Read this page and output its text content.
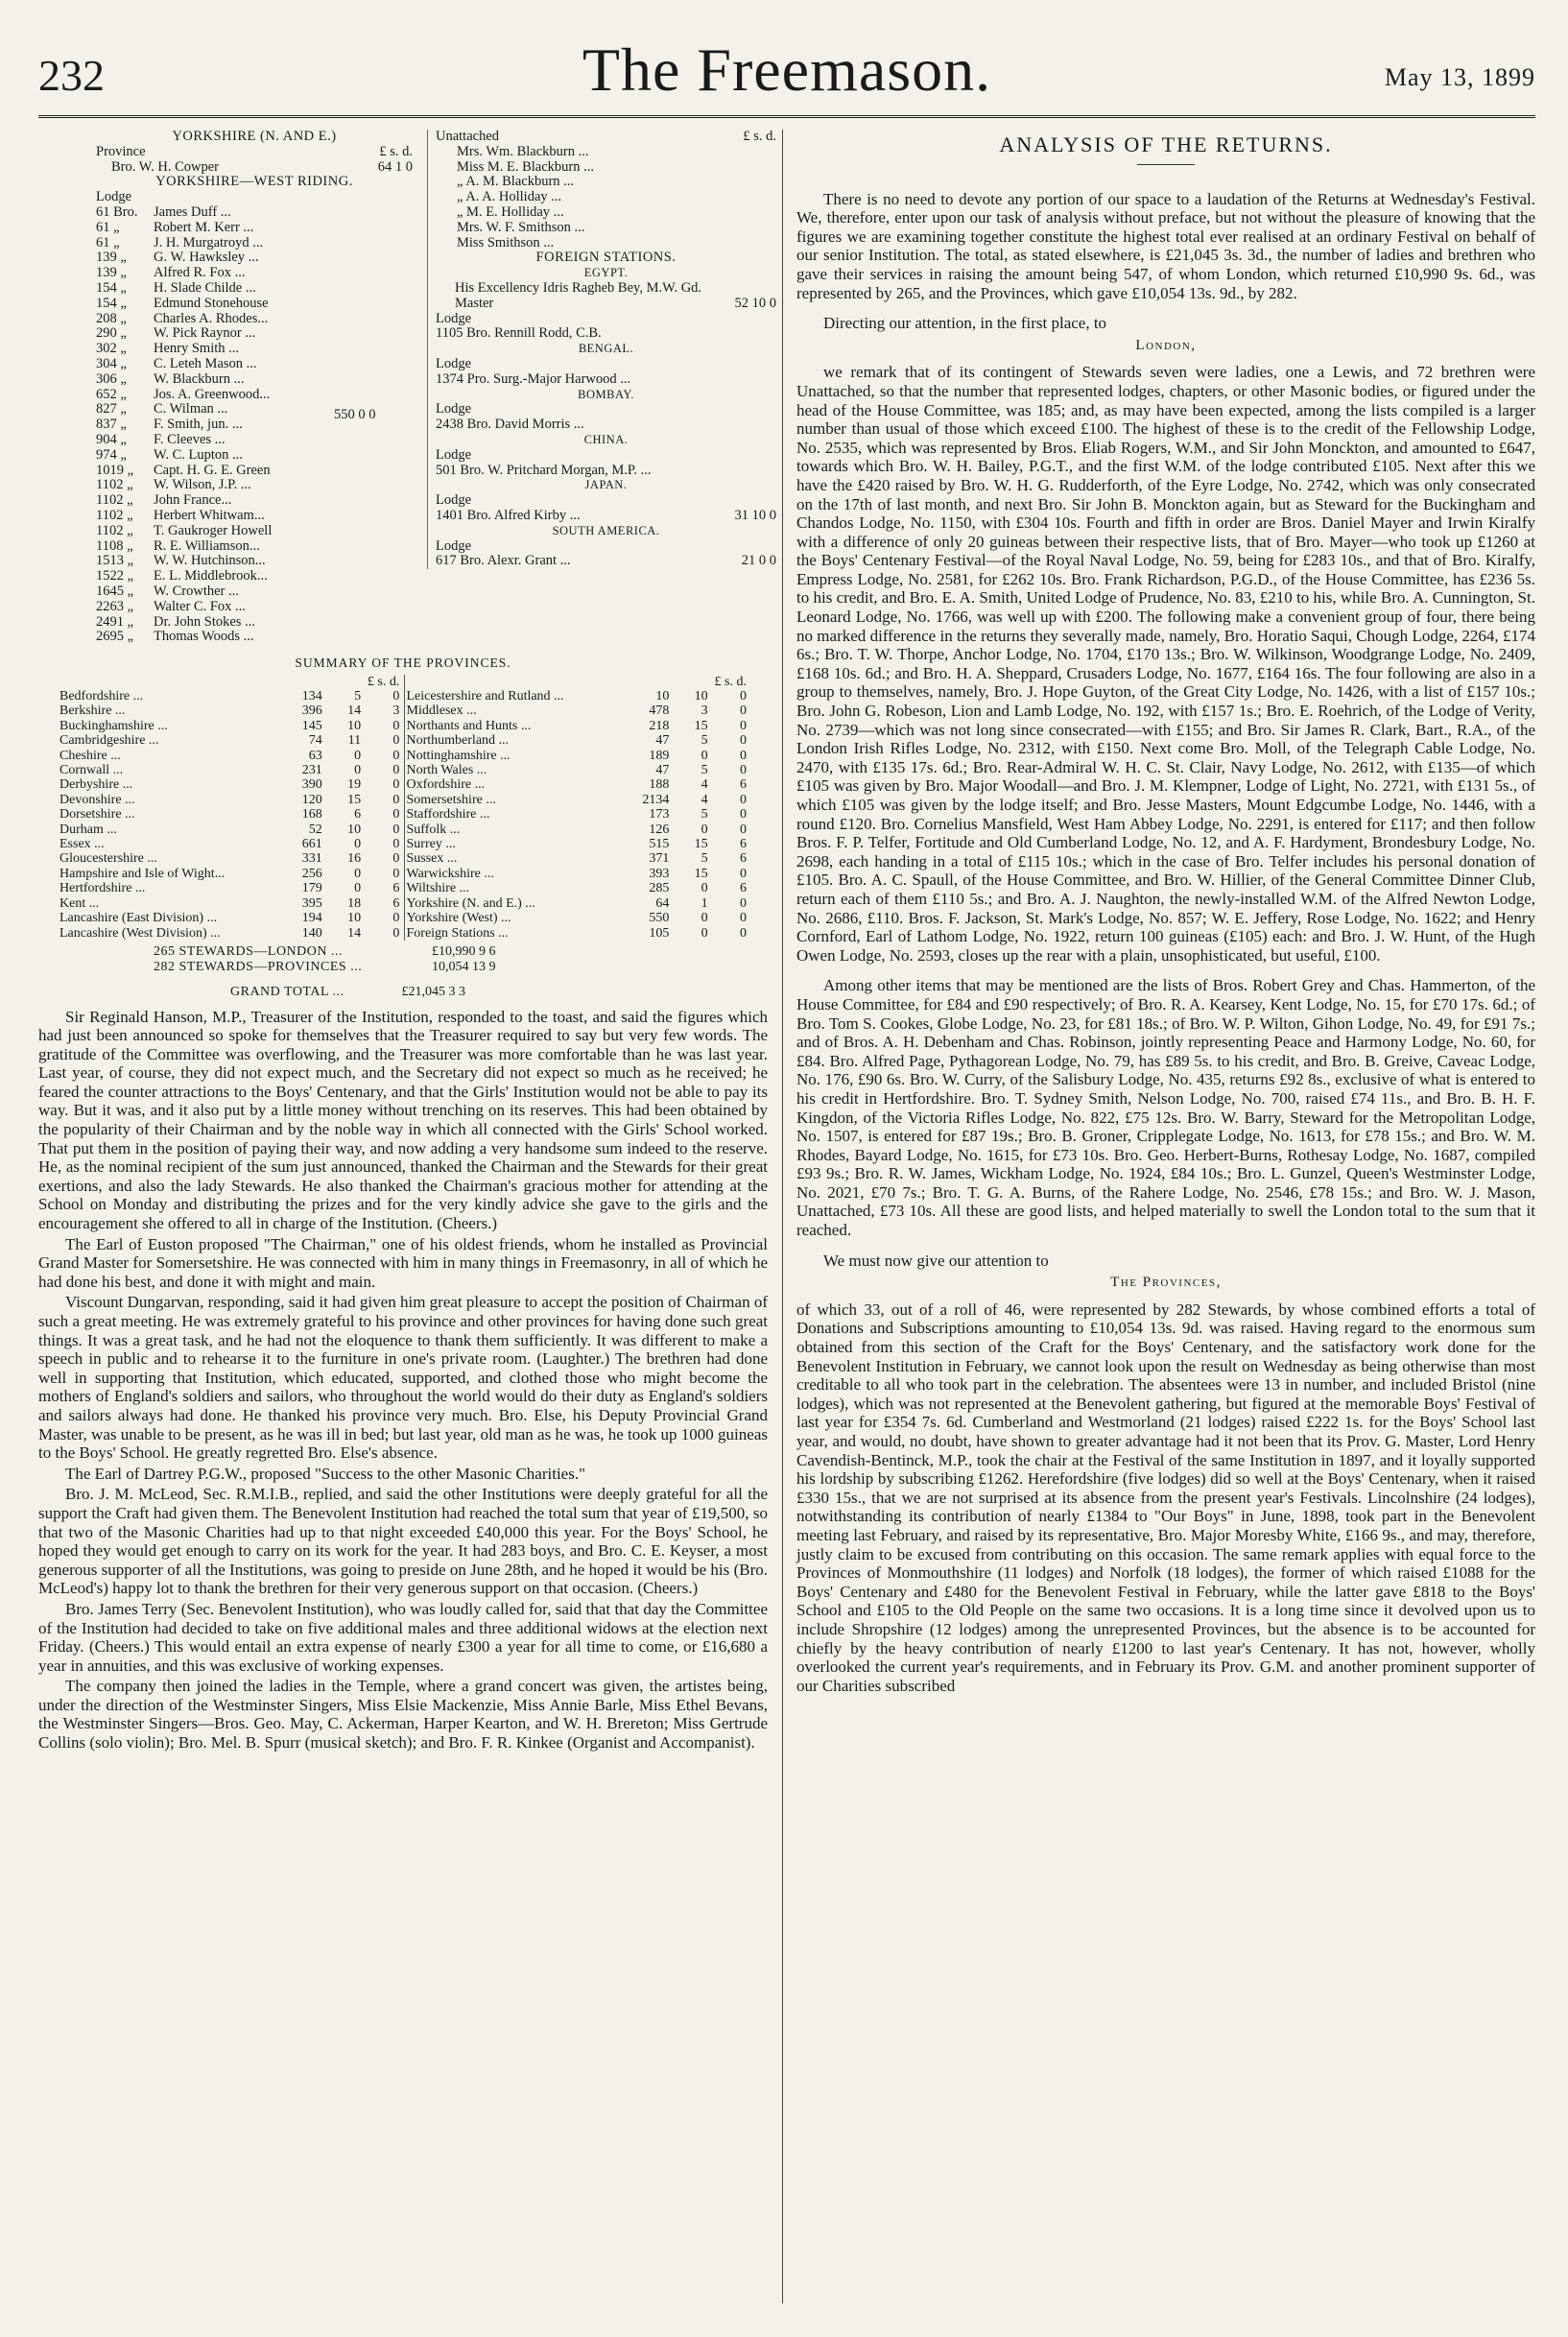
232	The Freemason.	May 13, 1899
YORKSHIRE (N. AND E.)
Province	£ s. d.
Bro. W. H. Cowper	64 1 0
YORKSHIRE—WEST RIDING.
Lodge
61 Bro.	James Duff ...
61 „	Robert M. Kerr ...
61 „	J. H. Murgatroyd ...
139 „	G. W. Hawksley ...
139 „	Alfred R. Fox ...
154 „	H. Slade Childe ...
154 „	Edmund Stonehouse
208 „	Charles A. Rhodes...
290 „	W. Pick Raynor ...
302 „	Henry Smith ...
304 „	C. Leteh Mason ...
306 „	W. Blackburn ...
652 „	Jos. A. Greenwood...
827 „	C. Wilman ...
837 „	F. Smith, jun. ...
904 „	F. Cleeves ...
974 „	W. C. Lupton ...
1019 „	Capt. H. G. E. Green
1102 „	W. Wilson, J.P. ...
1102 „	John France...
1102 „	Herbert Whitwam...
1102 „	T. Gaukroger Howell
1108 „	R. E. Williamson...
1513 „	W. W. Hutchinson...
1522 „	E. L. Middlebrook...
1645 „	W. Crowther ...
2263 „	Walter C. Fox ...
2491 „	Dr. John Stokes ...
2695 „	Thomas Woods ...
550 0 0
Unattached	£ s. d.
Mrs. Wm. Blackburn ...
Miss M. E. Blackburn ...
„ A. M. Blackburn ...
„ A. A. Holliday ...
„ M. E. Holliday ...
Mrs. W. F. Smithson ...
Miss Smithson ...
FOREIGN STATIONS.
EGYPT.
His Excellency Idris Ragheb Bey, M.W. Gd. Master	52 10 0
Lodge
1105 Bro. Rennill Rodd, C.B.
BENGAL.
Lodge
1374 Pro. Surg.-Major Harwood ...
BOMBAY.
Lodge
2438 Bro. David Morris ...
CHINA.
Lodge
501 Bro. W. Pritchard Morgan, M.P. ...
JAPAN.
Lodge
1401 Bro. Alfred Kirby ...	31 10 0
SOUTH AMERICA.
Lodge
617 Bro. Alexr. Grant ...	21 0 0
SUMMARY OF THE PROVINCES.
	£ s. d.					£ s. d.		
Bedfordshire ...	134	5	0		Leicestershire and Rutland ...	10	10	0
Berkshire ...	396	14	3		Middlesex ...	478	3	0
Buckinghamshire ...	145	10	0		Northants and Hunts ...	218	15	0
Cambridgeshire ...	74	11	0		Northumberland ...	47	5	0
Cheshire ...	63	0	0		Nottinghamshire ...	189	0	0
Cornwall ...	231	0	0		North Wales ...	47	5	0
Derbyshire ...	390	19	0		Oxfordshire ...	188	4	6
Devonshire ...	120	15	0		Somersetshire ...	2134	4	0
Dorsetshire ...	168	6	0		Staffordshire ...	173	5	0
Durham ...	52	10	0		Suffolk ...	126	0	0
Essex ...	661	0	0		Surrey ...	515	15	6
Gloucestershire ...	331	16	0		Sussex ...	371	5	6
Hampshire and Isle of Wight...	256	0	0		Warwickshire ...	393	15	0
Hertfordshire ...	179	0	6		Wiltshire ...	285	0	6
Kent ...	395	18	6		Yorkshire (N. and E.) ...	64	1	0
Lancashire (East Division) ...	194	10	0		Yorkshire (West) ...	550	0	0
Lancashire (West Division) ...	140	14	0		Foreign Stations ...	105	0	0
265 STEWARDS—LONDON ...	£10,990 9 6
282 STEWARDS—PROVINCES ...	10,054 13 9
GRAND TOTAL ...	£21,045 3 3

Sir Reginald Hanson, M.P., Treasurer of the Institution, responded to the toast, and said the figures which had just been announced so spoke for themselves that the Treasurer required to say but very few words. The gratitude of the Committee was overflowing, and the Treasurer was more comfortable than he was last year. Last year, of course, they did not expect much, and the Secretary did not expect so much as he received; he feared the counter attractions to the Boys' Centenary, and that the Girls' Institution would not be able to pay its way. But it was, and it also put by a little money without trenching on its reserves. This had been obtained by the popularity of their Chairman and by the noble way in which all connected with the Girls' School worked. That put them in the position of paying their way, and now adding a very handsome sum indeed to the reserve. He, as the nominal recipient of the sum just announced, thanked the Chairman and the Stewards for their great exertions, and also the lady Stewards. He also thanked the Chairman's gracious mother for attending at the School on Monday and distributing the prizes and for the very kindly advice she gave to the girls and the encouragement she offered to all in charge of the Institution. (Cheers.)

The Earl of Euston proposed "The Chairman," one of his oldest friends, whom he installed as Provincial Grand Master for Somersetshire. He was connected with him in many things in Freemasonry, in all of which he had done his best, and done it with might and main.

Viscount Dungarvan, responding, said it had given him great pleasure to accept the position of Chairman of such a great meeting. He was extremely grateful to his province and other provinces for having done such great things. It was a great task, and he had not the eloquence to thank them sufficiently. It was different to make a speech in public and to rehearse it to the furniture in one's private room. (Laughter.) The brethren had done well in supporting that Institution, which educated, supported, and clothed those who might become the mothers of England's soldiers and sailors, who throughout the world would do their duty as England's soldiers and sailors always had done. He thanked his province very much. Bro. Else, his Deputy Provincial Grand Master, was unable to be present, as he was ill in bed; but last year, old man as he was, he took up 1000 guineas to the Boys' School. He greatly regretted Bro. Else's absence.

The Earl of Dartrey P.G.W., proposed "Success to the other Masonic Charities."

Bro. J. M. McLeod, Sec. R.M.I.B., replied, and said the other Institutions were deeply grateful for all the support the Craft had given them. The Benevolent Institution had reached the total sum that year of £19,500, so that two of the Masonic Charities had up to that night exceeded £40,000 this year. For the Boys' School, he hoped they would get enough to carry on its work for the year. It had 283 boys, and Bro. C. E. Keyser, a most generous supporter of all the Institutions, was going to preside on June 28th, and he hoped it would be his (Bro. McLeod's) happy lot to thank the brethren for their very generous support on that occasion. (Cheers.)

Bro. James Terry (Sec. Benevolent Institution), who was loudly called for, said that that day the Committee of the Institution had decided to take on five additional males and three additional widows at the election next Friday. (Cheers.) This would entail an extra expense of nearly £300 a year for all time to come, or £16,680 a year in annuities, and this was exclusive of working expenses.

The company then joined the ladies in the Temple, where a grand concert was given, the artistes being, under the direction of the Westminster Singers, Miss Elsie Mackenzie, Miss Annie Barle, Miss Ethel Bevans, the Westminster Singers—Bros. Geo. May, C. Ackerman, Harper Kearton, and W. H. Brereton; Miss Gertrude Collins (solo violin); Bro. Mel. B. Spurr (musical sketch); and Bro. F. R. Kinkee (Organist and Accompanist).

ANALYSIS OF THE RETURNS.

There is no need to devote any portion of our space to a laudation of the Returns at Wednesday's Festival. We, therefore, enter upon our task of analysis without preface, but not without the pleasure of knowing that the figures we are examining together constitute the highest total ever realised at an ordinary Festival on behalf of our senior Institution. The total, as stated elsewhere, is £21,045 3s. 3d., the number of ladies and brethren who gave their services in raising the amount being 547, of whom London, which returned £10,990 9s. 6d., was represented by 265, and the Provinces, which gave £10,054 13s. 9d., by 282.

Directing our attention, in the first place, to

London,

we remark that of its contingent of Stewards seven were ladies, one a Lewis, and 72 brethren were Unattached, so that the number that represented lodges, chapters, or other Masonic bodies, or figured under the head of the House Committee, was 185; and, as may have been expected, among the lists compiled is a larger number than usual of those which exceed £100. The highest of these is to the credit of the Fellowship Lodge, No. 2535, which was represented by Bros. Eliab Rogers, W.M., and Sir John Monckton, and amounted to £647, towards which Bro. W. H. Bailey, P.G.T., and the first W.M. of the lodge contributed £105. Next after this we have the £420 raised by Bro. W. H. G. Rudderforth, of the Eyre Lodge, No. 2742, which was only consecrated on the 17th of last month, and next Bro. Sir John B. Monckton again, but as Steward for the Buckingham and Chandos Lodge, No. 1150, with £304 10s. Fourth and fifth in order are Bros. Daniel Mayer and Irwin Kiralfy with a difference of only 20 guineas between their respective lists, that of Bro. Mayer—who took up £1260 at the Boys' Centenary Festival—of the Royal Naval Lodge, No. 59, being for £283 10s., and that of Bro. Kiralfy, Empress Lodge, No. 2581, for £262 10s. Bro. Frank Richardson, P.G.D., of the House Committee, has £236 5s. to his credit, and Bro. E. A. Smith, United Lodge of Prudence, No. 83, £210 to his, while Bro. A. Cunnington, St. Leonard Lodge, No. 1766, was well up with £200. The following make a convenient group of four, there being no marked difference in the returns they severally made, namely, Bro. Horatio Saqui, Chough Lodge, 2264, £174 6s.; Bro. T. W. Thorpe, Anchor Lodge, No. 1704, £170 13s.; Bro. W. Wilkinson, Woodgrange Lodge, No. 2409, £168 10s. 6d.; and Bro. H. A. Sheppard, Crusaders Lodge, No. 1677, £164 16s. The four following are also in a group to themselves, namely, Bro. J. Hope Guyton, of the Great City Lodge, No. 1426, with a list of £157 10s.; Bro. John G. Robeson, Lion and Lamb Lodge, No. 192, with £157 1s.; Bro. E. Roehrich, of the Lodge of Verity, No. 2739—which was not long since consecrated—with £155; and Bro. Sir James R. Clark, Bart., R.A., of the London Irish Rifles Lodge, No. 2312, with £150. Next come Bro. Moll, of the Telegraph Cable Lodge, No. 2470, with £135 17s. 6d.; Bro. Rear-Admiral W. H. C. St. Clair, Navy Lodge, No. 2612, with £135—of which £105 was given by Bro. Major Woodall—and Bro. J. M. Klempner, Lodge of Light, No. 2721, with £131 5s., of which £105 was given by the lodge itself; and Bro. Jesse Masters, Mount Edgcumbe Lodge, No. 1446, with a round £120. Bro. Cornelius Mansfield, West Ham Abbey Lodge, No. 2291, is entered for £117; and then follow Bros. F. P. Telfer, Fortitude and Old Cumberland Lodge, No. 12, and A. F. Hardyment, Brondesbury Lodge, No. 2698, each handing in a total of £115 10s.; which in the case of Bro. Telfer includes his personal donation of £105. Bro. A. C. Spaull, of the House Committee, and Bro. W. Hillier, of the General Committee Dinner Club, return each of them £110 5s.; and Bro. A. J. Naughton, the newly-installed W.M. of the Alfred Newton Lodge, No. 2686, £110. Bros. F. Jackson, St. Mark's Lodge, No. 857; W. E. Jeffery, Rose Lodge, No. 1622; and Henry Cornford, Earl of Lathom Lodge, No. 1922, return 100 guineas (£105) each: and Bro. J. W. Hunt, of the Hugh Owen Lodge, No. 2593, closes up the rear with a plain, unsophisticated, but useful, £100.

Among other items that may be mentioned are the lists of Bros. Robert Grey and Chas. Hammerton, of the House Committee, for £84 and £90 respectively; of Bro. R. A. Kearsey, Kent Lodge, No. 15, for £70 17s. 6d.; of Bro. Tom S. Cookes, Globe Lodge, No. 23, for £81 18s.; of Bro. W. P. Wilton, Gihon Lodge, No. 49, for £91 7s.; and of Bros. A. H. Debenham and Chas. Robinson, jointly representing Peace and Harmony Lodge, No. 60, for £84. Bro. Alfred Page, Pythagorean Lodge, No. 79, has £89 5s. to his credit, and Bro. B. Greive, Caveac Lodge, No. 176, £90 6s. Bro. W. Curry, of the Salisbury Lodge, No. 435, returns £92 8s., exclusive of what is entered to his credit in Hertfordshire. Bro. T. Sydney Smith, Nelson Lodge, No. 700, raised £74 11s., and Bro. B. H. F. Kingdon, of the Victoria Rifles Lodge, No. 822, £75 12s. Bro. W. Barry, Steward for the Metropolitan Lodge, No. 1507, is entered for £87 19s.; Bro. B. Groner, Cripplegate Lodge, No. 1613, for £78 15s.; and Bro. W. M. Rhodes, Bayard Lodge, No. 1615, for £73 10s. Bro. Geo. Herbert-Burns, Rothesay Lodge, No. 1687, compiled £93 9s.; Bro. R. W. James, Wickham Lodge, No. 1924, £84 10s.; Bro. L. Gunzel, Queen's Westminster Lodge, No. 2021, £70 7s.; Bro. T. G. A. Burns, of the Rahere Lodge, No. 2546, £78 15s.; and Bro. W. J. Mason, Unattached, £73 10s. All these are good lists, and helped materially to swell the London total to the sum that it reached.

We must now give our attention to

The Provinces,

of which 33, out of a roll of 46, were represented by 282 Stewards, by whose combined efforts a total of Donations and Subscriptions amounting to £10,054 13s. 9d. was raised. Having regard to the enormous sum obtained from this section of the Craft for the Boys' Centenary, and the satisfactory work done for the Benevolent Institution in February, we cannot look upon the result on Wednesday as being otherwise than most creditable to all who took part in the celebration. The absentees were 13 in number, and included Bristol (nine lodges), which was not represented at the Benevolent gathering, but figured at the memorable Boys' Festival of last year for £354 7s. 6d. Cumberland and Westmorland (21 lodges) raised £222 1s. for the Boys' School last year, and would, no doubt, have shown to greater advantage had it not been that its Prov. G. Master, Lord Henry Cavendish-Bentinck, M.P., took the chair at the Festival of the same Institution in 1897, and it loyally supported his lordship by subscribing £1262. Herefordshire (five lodges) did so well at the Boys' Centenary, when it raised £330 15s., that we are not surprised at its absence from the present year's Festivals. Lincolnshire (24 lodges), notwithstanding its contribution of nearly £1384 to "Our Boys" in June, 1898, took part in the Benevolent meeting last February, and raised by its representative, Bro. Major Moresby White, £166 9s., and may, therefore, justly claim to be excused from contributing on this occasion. The same remark applies with equal force to the Provinces of Monmouthshire (11 lodges) and Norfolk (18 lodges), the former of which raised £1088 for the Boys' Centenary and £480 for the Benevolent Festival in February, while the latter gave £818 to the Boys' School and £105 to the Old People on the same two occasions. It is a long time since it devolved upon us to include Shropshire (12 lodges) among the unrepresented Provinces, but the absence is to be accounted for chiefly by the heavy contribution of nearly £1200 to last year's Centenary. It has not, however, wholly overlooked the current year's requirements, and in February its Prov. G.M. and another prominent supporter of our Charities subscribed
